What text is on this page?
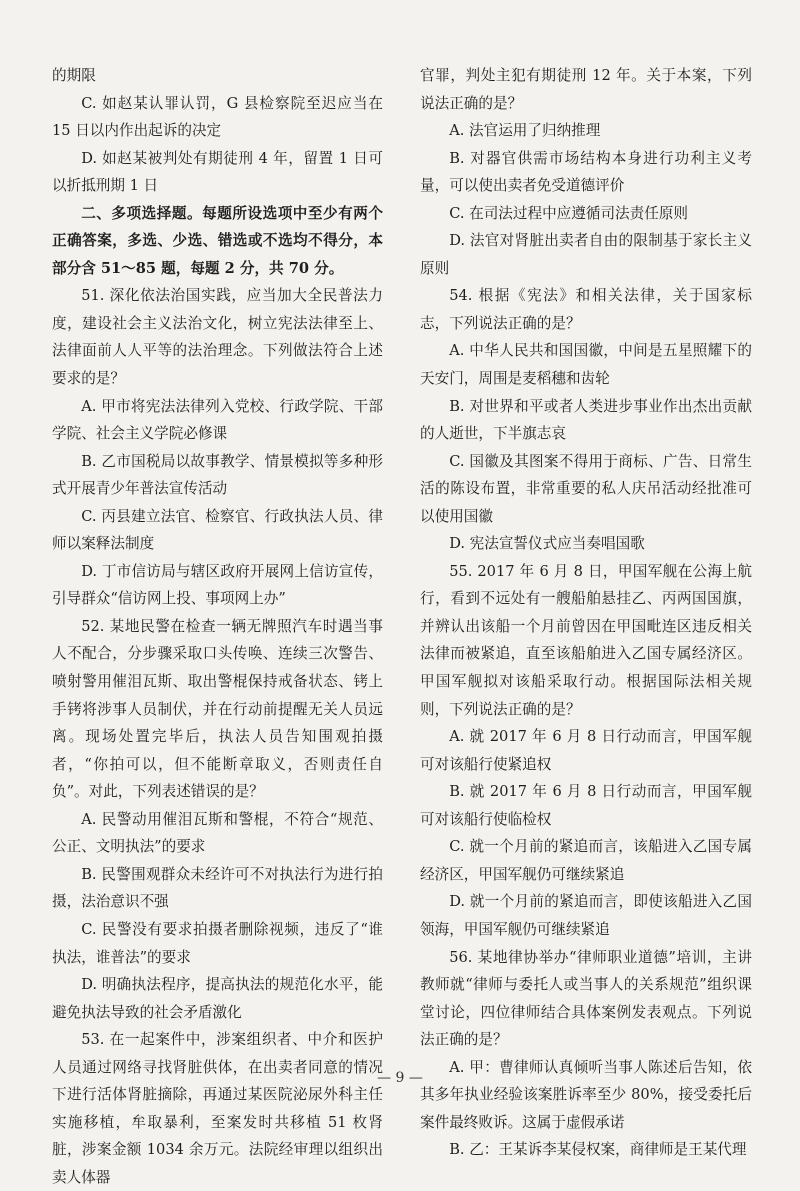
的期限

C. 如赵某认罪认罚，G 县检察院至迟应当在 15 日以内作出起诉的决定

D. 如赵某被判处有期徒刑 4 年，留置 1 日可以折抵刑期 1 日

二、多项选择题。每题所设选项中至少有两个正确答案，多选、少选、错选或不选均不得分，本部分含 51～85 题，每题 2 分，共 70 分。

51. 深化依法治国实践，应当加大全民普法力度，建设社会主义法治文化，树立宪法法律至上、法律面前人人平等的法治理念。下列做法符合上述要求的是？

A. 甲市将宪法法律列入党校、行政学院、干部学院、社会主义学院必修课

B. 乙市国税局以故事教学、情景模拟等多种形式开展青少年普法宣传活动

C. 丙县建立法官、检察官、行政执法人员、律师以案释法制度

D. 丁市信访局与辖区政府开展网上信访宣传，引导群众“信访网上投、事项网上办”

52. 某地民警在检查一辆无牌照汽车时遇当事人不配合，分步骤采取口头传唤、连续三次警告、喷射警用催泪瓦斯、取出警棍保持戒备状态、铐上手铐将涉事人员制伏，并在行动前提醒无关人员远离。现场处置完毕后，执法人员告知围观拍摄者，“你拍可以，但不能断章取义，否则责任自负”。对此，下列表述错误的是？

A. 民警动用催泪瓦斯和警棍，不符合“规范、公正、文明执法”的要求

B. 民警围观群众未经许可不对执法行为进行拍摄，法治意识不强

C. 民警没有要求拍摄者删除视频，违反了“谁执法，谁普法”的要求

D. 明确执法程序，提高执法的规范化水平，能避免执法导致的社会矛盾激化

53. 在一起案件中，涉案组织者、中介和医护人员通过网络寻找肾脏供体，在出卖者同意的情况下进行活体肾脏摘除，再通过某医院泌尿外科主任实施移植，牟取暴利，至案发时共移植 51 枚肾脏，涉案金额 1034 余万元。法院经审理以组织出卖人体器

官罪，判处主犯有期徒刑 12 年。关于本案，下列说法正确的是？

A. 法官运用了归纳推理

B. 对器官供需市场结构本身进行功利主义考量，可以使出卖者免受道德评价

C. 在司法过程中应遵循司法责任原则

D. 法官对肾脏出卖者自由的限制基于家长主义原则

54. 根据《宪法》和相关法律，关于国家标志，下列说法正确的是？

A. 中华人民共和国国徽，中间是五星照耀下的天安门，周围是麦稻穗和齿轮

B. 对世界和平或者人类进步事业作出杰出贡献的人逝世，下半旗志哀

C. 国徽及其图案不得用于商标、广告、日常生活的陈设布置，非常重要的私人庆吊活动经批准可以使用国徽

D. 宪法宣誓仪式应当奏唱国歌

55. 2017 年 6 月 8 日，甲国军舰在公海上航行，看到不远处有一艘船舶悬挂乙、丙两国国旗，并辨认出该船一个月前曾因在甲国毗连区违反相关法律而被紧追，直至该船舶进入乙国专属经济区。甲国军舰拟对该船采取行动。根据国际法相关规则，下列说法正确的是？

A. 就 2017 年 6 月 8 日行动而言，甲国军舰可对该船行使紧追权

B. 就 2017 年 6 月 8 日行动而言，甲国军舰可对该船行使临检权

C. 就一个月前的紧追而言，该船进入乙国专属经济区，甲国军舰仍可继续紧追

D. 就一个月前的紧追而言，即使该船进入乙国领海，甲国军舰仍可继续紧追

56. 某地律协举办“律师职业道德”培训，主讲教师就“律师与委托人或当事人的关系规范”组织课堂讨论，四位律师结合具体案例发表观点。下列说法正确的是？

A. 甲：曹律师认真倾听当事人陈述后告知，依其多年执业经验该案胜诉率至少 80%，接受委托后案件最终败诉。这属于虚假承诺

B. 乙：王某诉李某侵权案，商律师是王某代理

— 9 —
